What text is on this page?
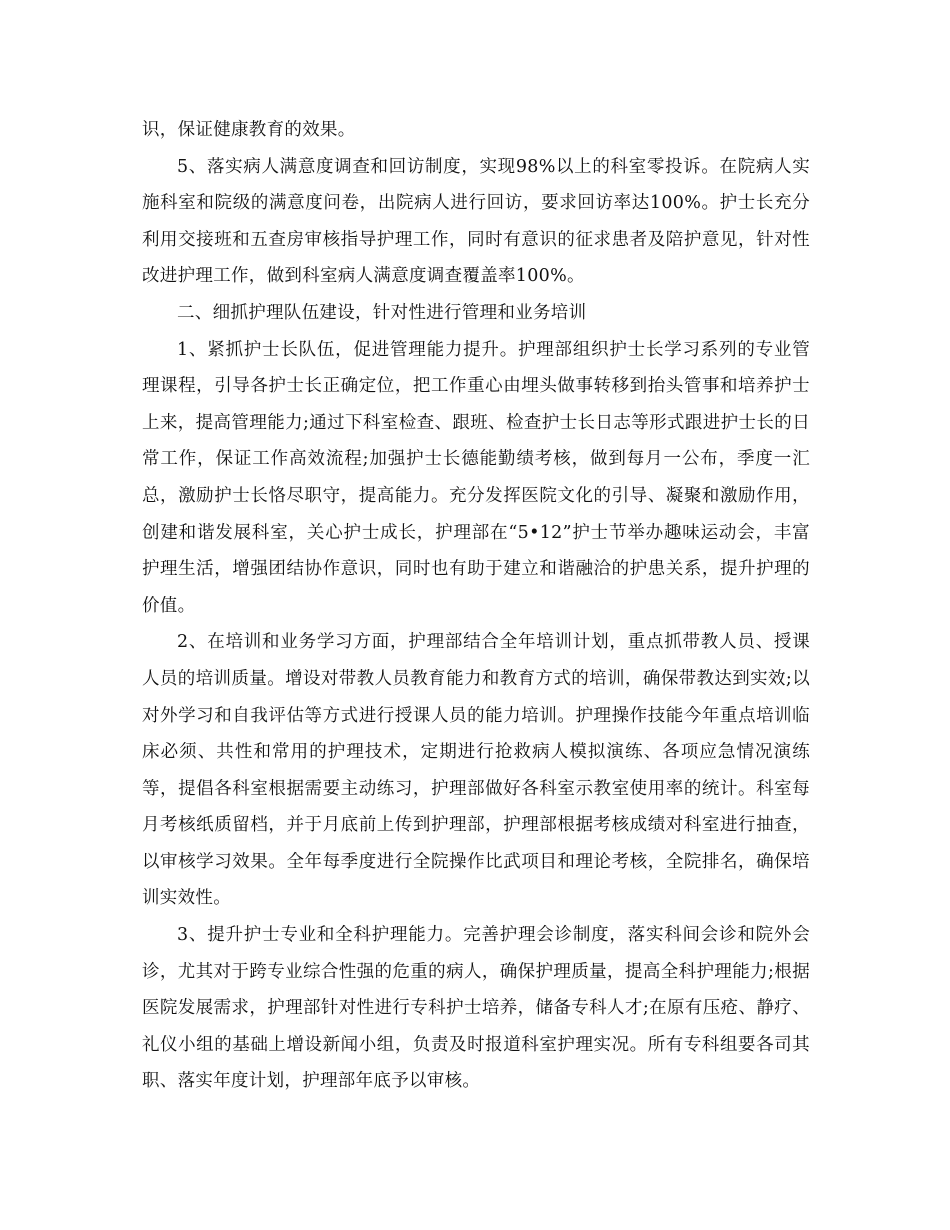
识，保证健康教育的效果。

5、落实病人满意度调查和回访制度，实现98%以上的科室零投诉。在院病人实施科室和院级的满意度问卷，出院病人进行回访，要求回访率达100%。护士长充分利用交接班和五查房审核指导护理工作，同时有意识的征求患者及陪护意见，针对性改进护理工作，做到科室病人满意度调查覆盖率100%。

二、细抓护理队伍建设，针对性进行管理和业务培训

1、紧抓护士长队伍，促进管理能力提升。护理部组织护士长学习系列的专业管理课程，引导各护士长正确定位，把工作重心由埋头做事转移到抬头管事和培养护士上来，提高管理能力;通过下科室检查、跟班、检查护士长日志等形式跟进护士长的日常工作，保证工作高效流程;加强护士长德能勤绩考核，做到每月一公布，季度一汇总，激励护士长恪尽职守，提高能力。充分发挥医院文化的引导、凝聚和激励作用，创建和谐发展科室，关心护士成长，护理部在“5•12”护士节举办趣味运动会，丰富护理生活，增强团结协作意识，同时也有助于建立和谐融洽的护患关系，提升护理的价值。

2、在培训和业务学习方面，护理部结合全年培训计划，重点抓带教人员、授课人员的培训质量。增设对带教人员教育能力和教育方式的培训，确保带教达到实效;以对外学习和自我评估等方式进行授课人员的能力培训。护理操作技能今年重点培训临床必须、共性和常用的护理技术，定期进行抢救病人模拟演练、各项应急情况演练等，提倡各科室根据需要主动练习，护理部做好各科室示教室使用率的统计。科室每月考核纸质留档，并于月底前上传到护理部，护理部根据考核成绩对科室进行抽查，以审核学习效果。全年每季度进行全院操作比武项目和理论考核，全院排名，确保培训实效性。

3、提升护士专业和全科护理能力。完善护理会诊制度，落实科间会诊和院外会诊，尤其对于跨专业综合性强的危重的病人，确保护理质量，提高全科护理能力;根据医院发展需求，护理部针对性进行专科护士培养，储备专科人才;在原有压疮、静疗、礼仪小组的基础上增设新闻小组，负责及时报道科室护理实况。所有专科组要各司其职、落实年度计划，护理部年底予以审核。
